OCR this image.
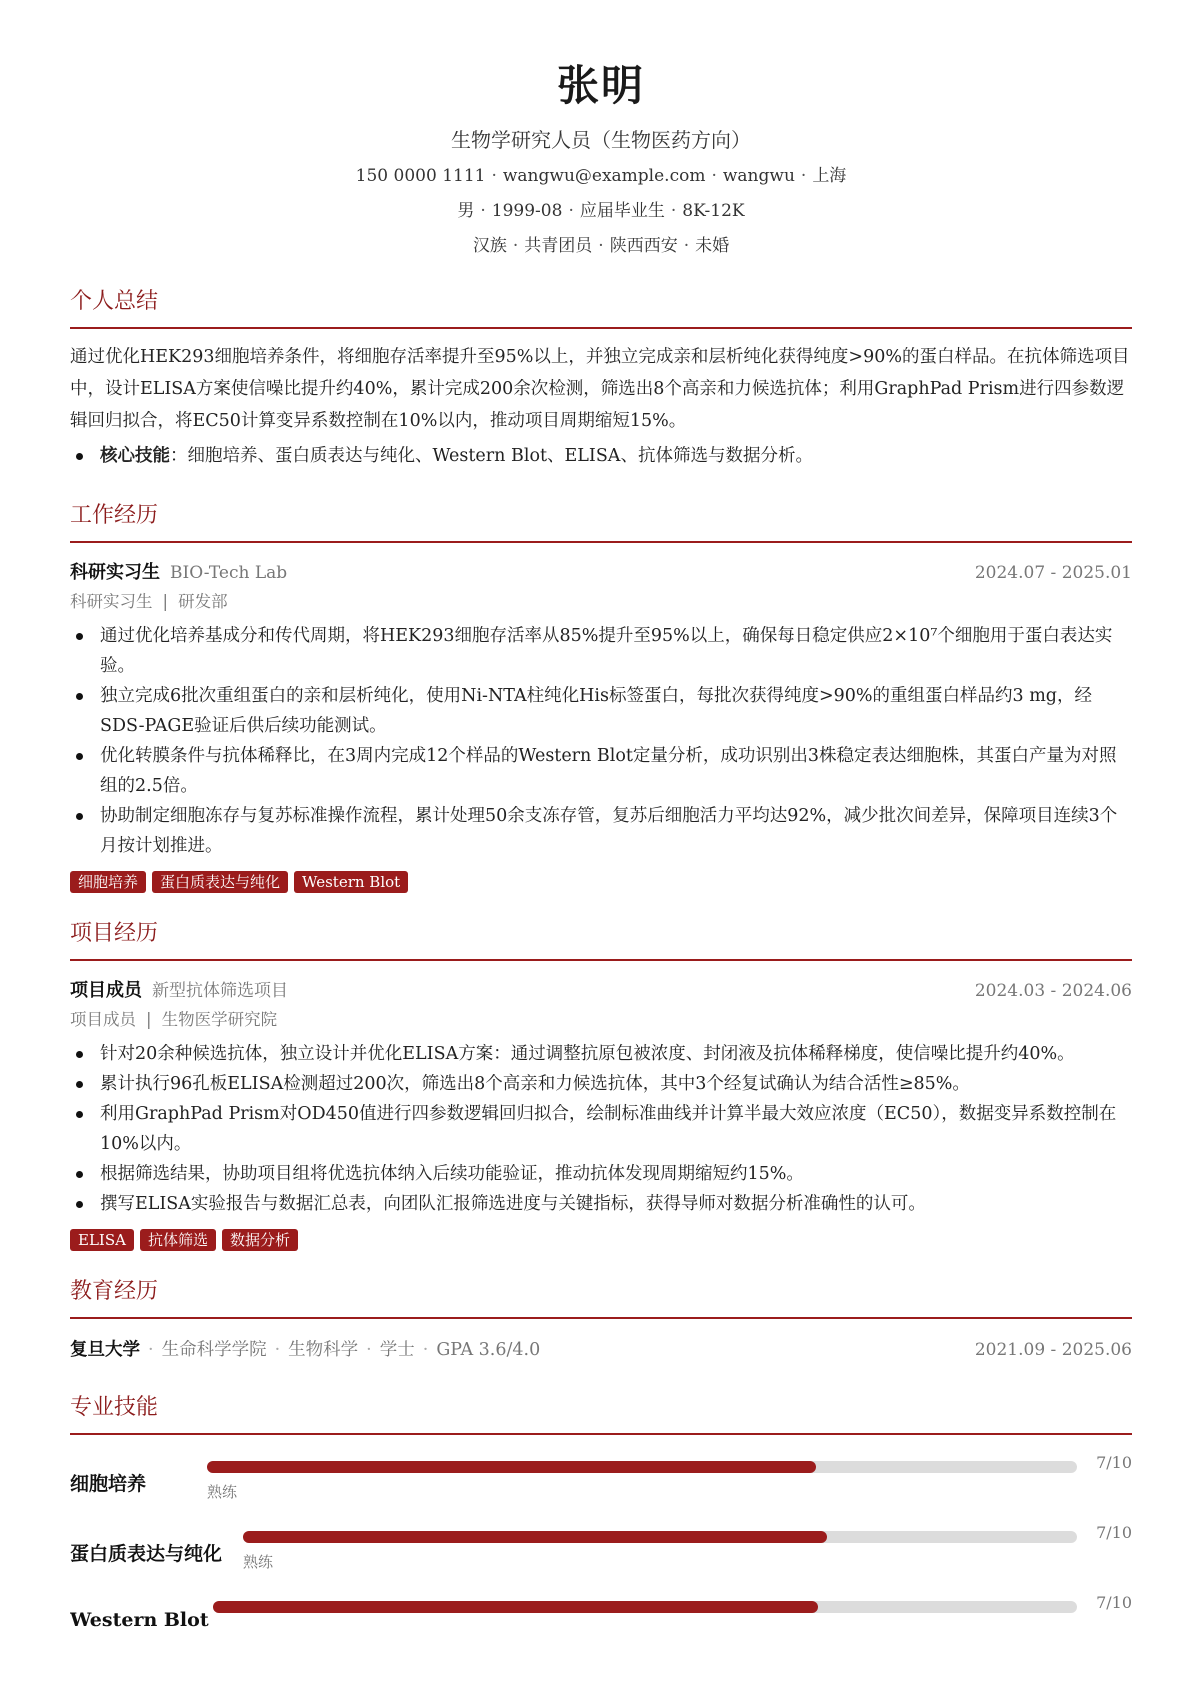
张明
生物学研究人员（生物医药方向）
150 0000 1111 · wangwu@example.com · wangwu · 上海
男 · 1999-08 · 应届毕业生 · 8K-12K
汉族 · 共青团员 · 陕西西安 · 未婚
个人总结
通过优化HEK293细胞培养条件，将细胞存活率提升至95%以上，并独立完成亲和层析纯化获得纯度>90%的蛋白样品。在抗体筛选项目中，设计ELISA方案使信噪比提升约40%，累计完成200余次检测，筛选出8个高亲和力候选抗体；利用GraphPad Prism进行四参数逻辑回归拟合，将EC50计算变异系数控制在10%以内，推动项目周期缩短15%。
核心技能：细胞培养、蛋白质表达与纯化、Western Blot、ELISA、抗体筛选与数据分析。
工作经历
科研实习生 BIO-Tech Lab	2024.07 - 2025.01
科研实习生 | 研发部
通过优化培养基成分和传代周期，将HEK293细胞存活率从85%提升至95%以上，确保每日稳定供应2×10⁷个细胞用于蛋白表达实验。
独立完成6批次重组蛋白的亲和层析纯化，使用Ni-NTA柱纯化His标签蛋白，每批次获得纯度>90%的重组蛋白样品约3 mg，经SDS-PAGE验证后供后续功能测试。
优化转膜条件与抗体稀释比，在3周内完成12个样品的Western Blot定量分析，成功识别出3株稳定表达细胞株，其蛋白产量为对照组的2.5倍。
协助制定细胞冻存与复苏标准操作流程，累计处理50余支冻存管，复苏后细胞活力平均达92%，减少批次间差异，保障项目连续3个月按计划推进。
细胞培养	蛋白质表达与纯化	Western Blot
项目经历
项目成员 新型抗体筛选项目	2024.03 - 2024.06
项目成员 | 生物医学研究院
针对20余种候选抗体，独立设计并优化ELISA方案：通过调整抗原包被浓度、封闭液及抗体稀释梯度，使信噪比提升约40%。
累计执行96孔板ELISA检测超过200次，筛选出8个高亲和力候选抗体，其中3个经复试确认为结合活性≥85%。
利用GraphPad Prism对OD450值进行四参数逻辑回归拟合，绘制标准曲线并计算半最大效应浓度（EC50），数据变异系数控制在10%以内。
根据筛选结果，协助项目组将优选抗体纳入后续功能验证，推动抗体发现周期缩短约15%。
撰写ELISA实验报告与数据汇总表，向团队汇报筛选进度与关键指标，获得导师对数据分析准确性的认可。
ELISA	抗体筛选	数据分析
教育经历
复旦大学 · 生命科学学院 · 生物科学 · 学士 · GPA 3.6/4.0	2021.09 - 2025.06
专业技能
细胞培养
7/10
熟练
蛋白质表达与纯化
7/10
熟练
Western Blot
7/10
